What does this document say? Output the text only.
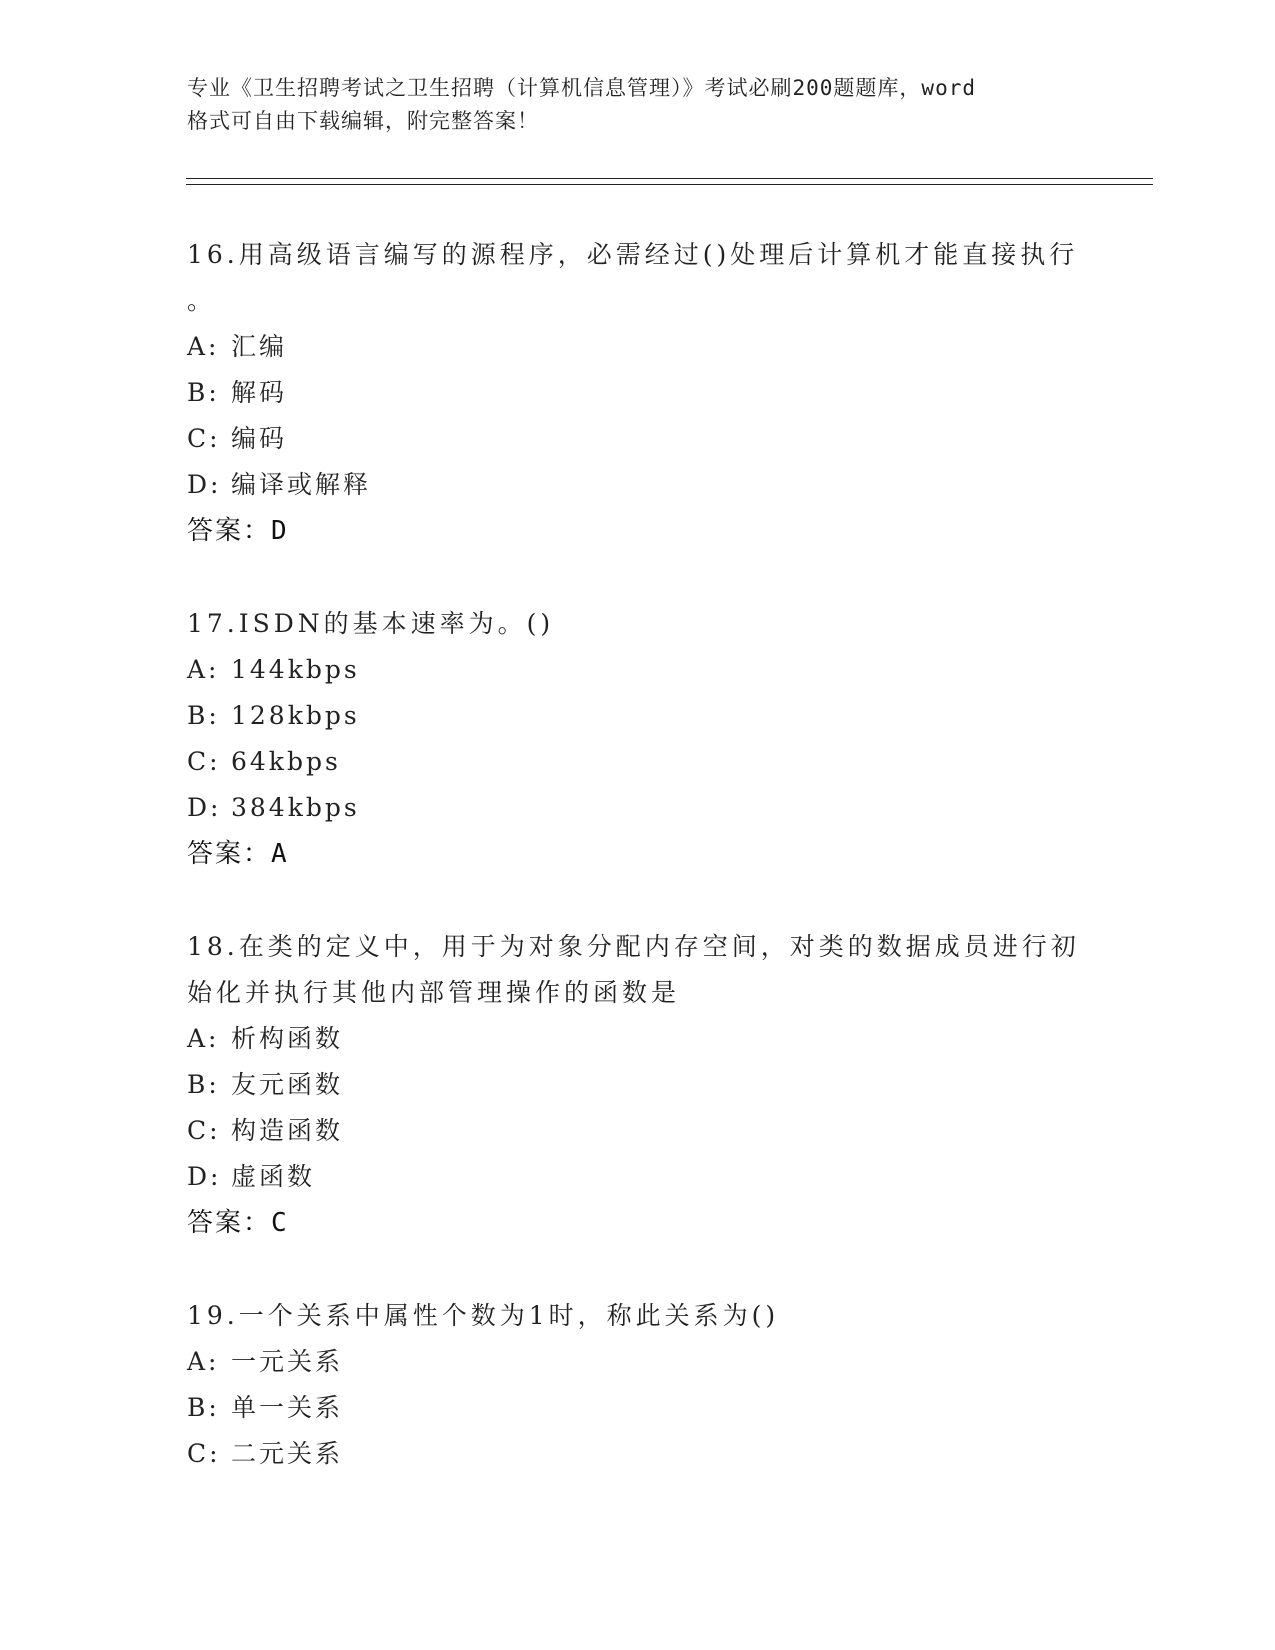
专业《卫生招聘考试之卫生招聘（计算机信息管理）》考试必刷200题题库，word
格式可自由下载编辑，附完整答案！

16.用高级语言编写的源程序，必需经过()处理后计算机才能直接执行

。

A: 汇编
B: 解码
C: 编码
D: 编译或解释

答案：D

17.ISDN的基本速率为。()

A: 144kbps
B: 128kbps
C: 64kbps
D: 384kbps

答案：A

18.在类的定义中，用于为对象分配内存空间，对类的数据成员进行初

始化并执行其他内部管理操作的函数是

A: 析构函数
B: 友元函数
C: 构造函数
D: 虚函数

答案：C

19.一个关系中属性个数为1时，称此关系为()

A: 一元关系
B: 单一关系
C: 二元关系
